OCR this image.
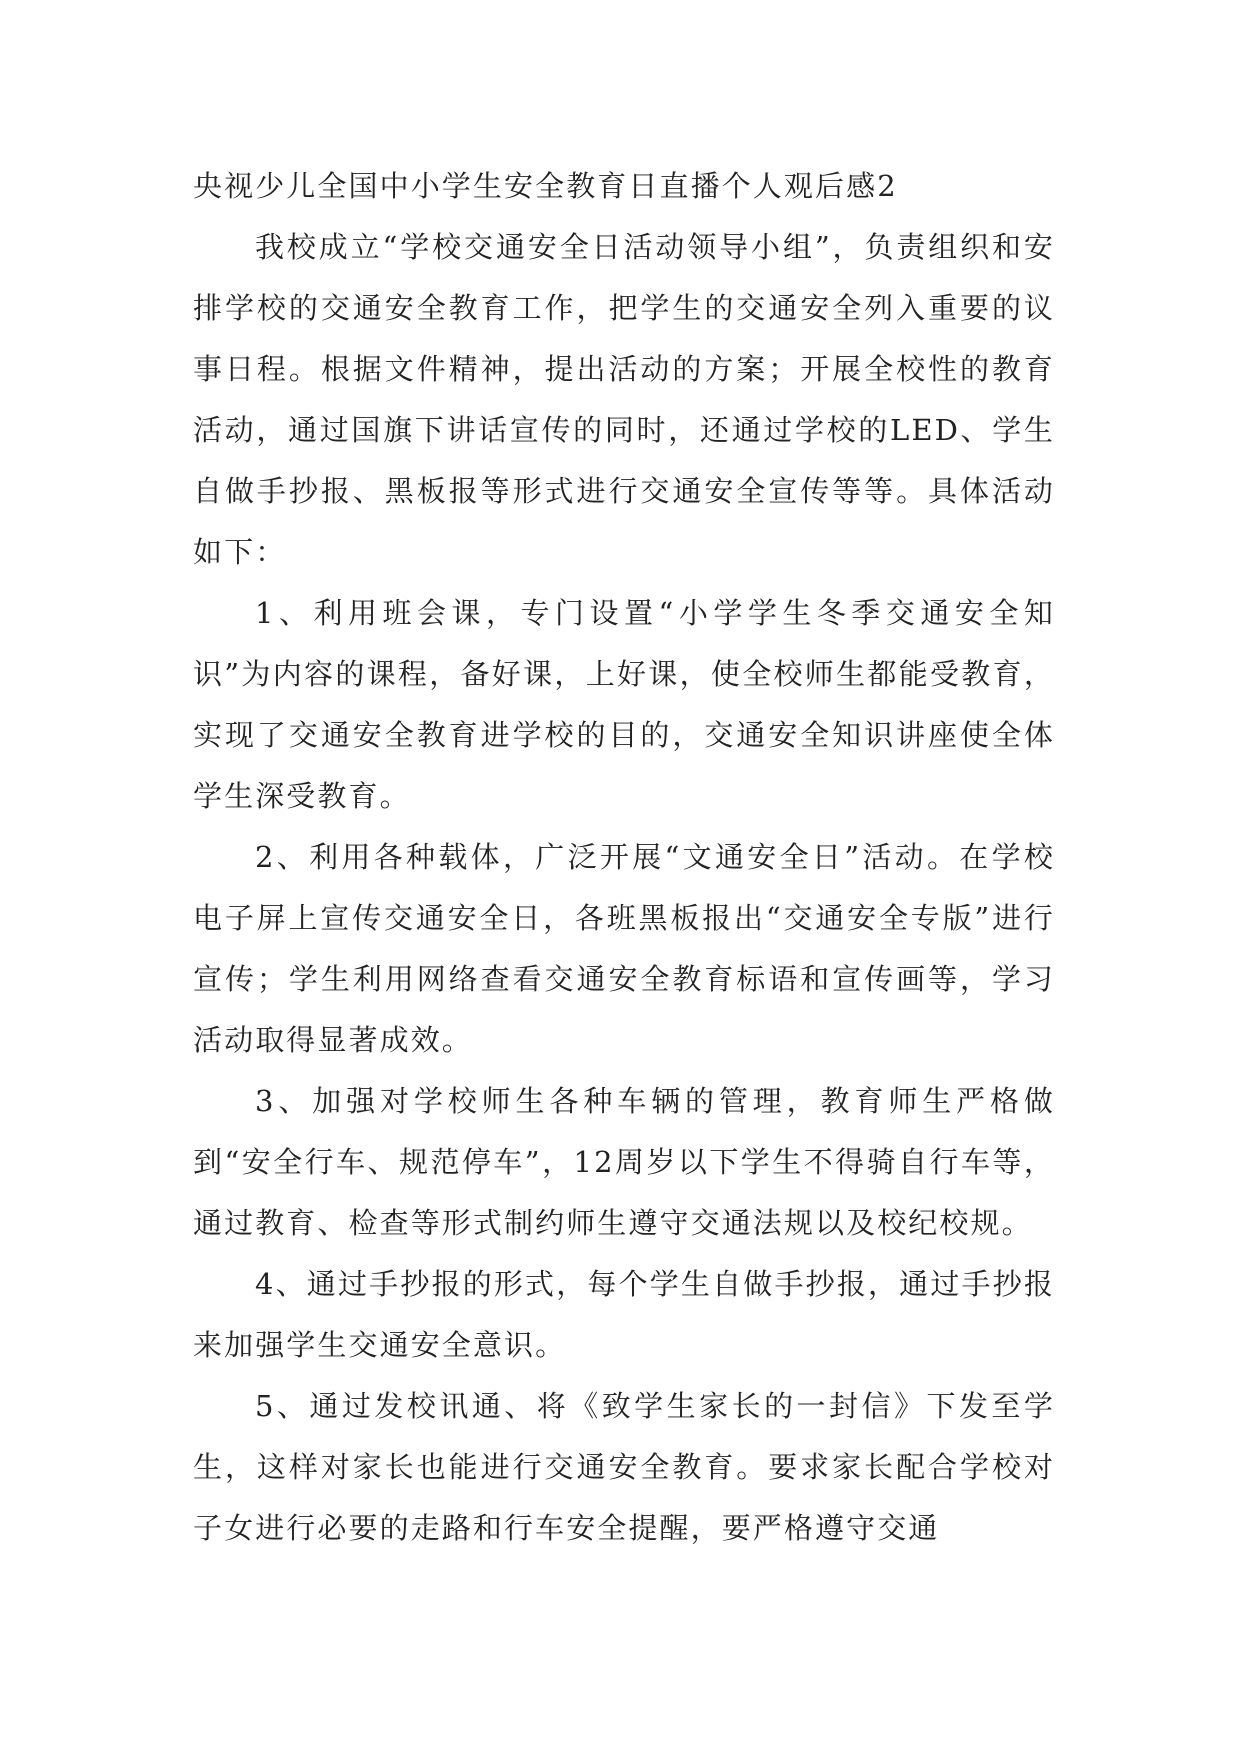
央视少儿全国中小学生安全教育日直播个人观后感2

我校成立“学校交通安全日活动领导小组”，负责组织和安排学校的交通安全教育工作，把学生的交通安全列入重要的议事日程。根据文件精神，提出活动的方案；开展全校性的教育活动，通过国旗下讲话宣传的同时，还通过学校的LED、学生自做手抄报、黑板报等形式进行交通安全宣传等等。具体活动如下：

1、利用班会课，专门设置“小学学生冬季交通安全知识”为内容的课程，备好课，上好课，使全校师生都能受教育，实现了交通安全教育进学校的目的，交通安全知识讲座使全体学生深受教育。

2、利用各种载体，广泛开展“文通安全日”活动。在学校电子屏上宣传交通安全日，各班黑板报出“交通安全专版”进行宣传；学生利用网络查看交通安全教育标语和宣传画等，学习活动取得显著成效。

3、加强对学校师生各种车辆的管理，教育师生严格做到“安全行车、规范停车”，12周岁以下学生不得骑自行车等，通过教育、检查等形式制约师生遵守交通法规以及校纪校规。

4、通过手抄报的形式，每个学生自做手抄报，通过手抄报来加强学生交通安全意识。

5、通过发校讯通、将《致学生家长的一封信》下发至学生，这样对家长也能进行交通安全教育。要求家长配合学校对子女进行必要的走路和行车安全提醒，要严格遵守交通
